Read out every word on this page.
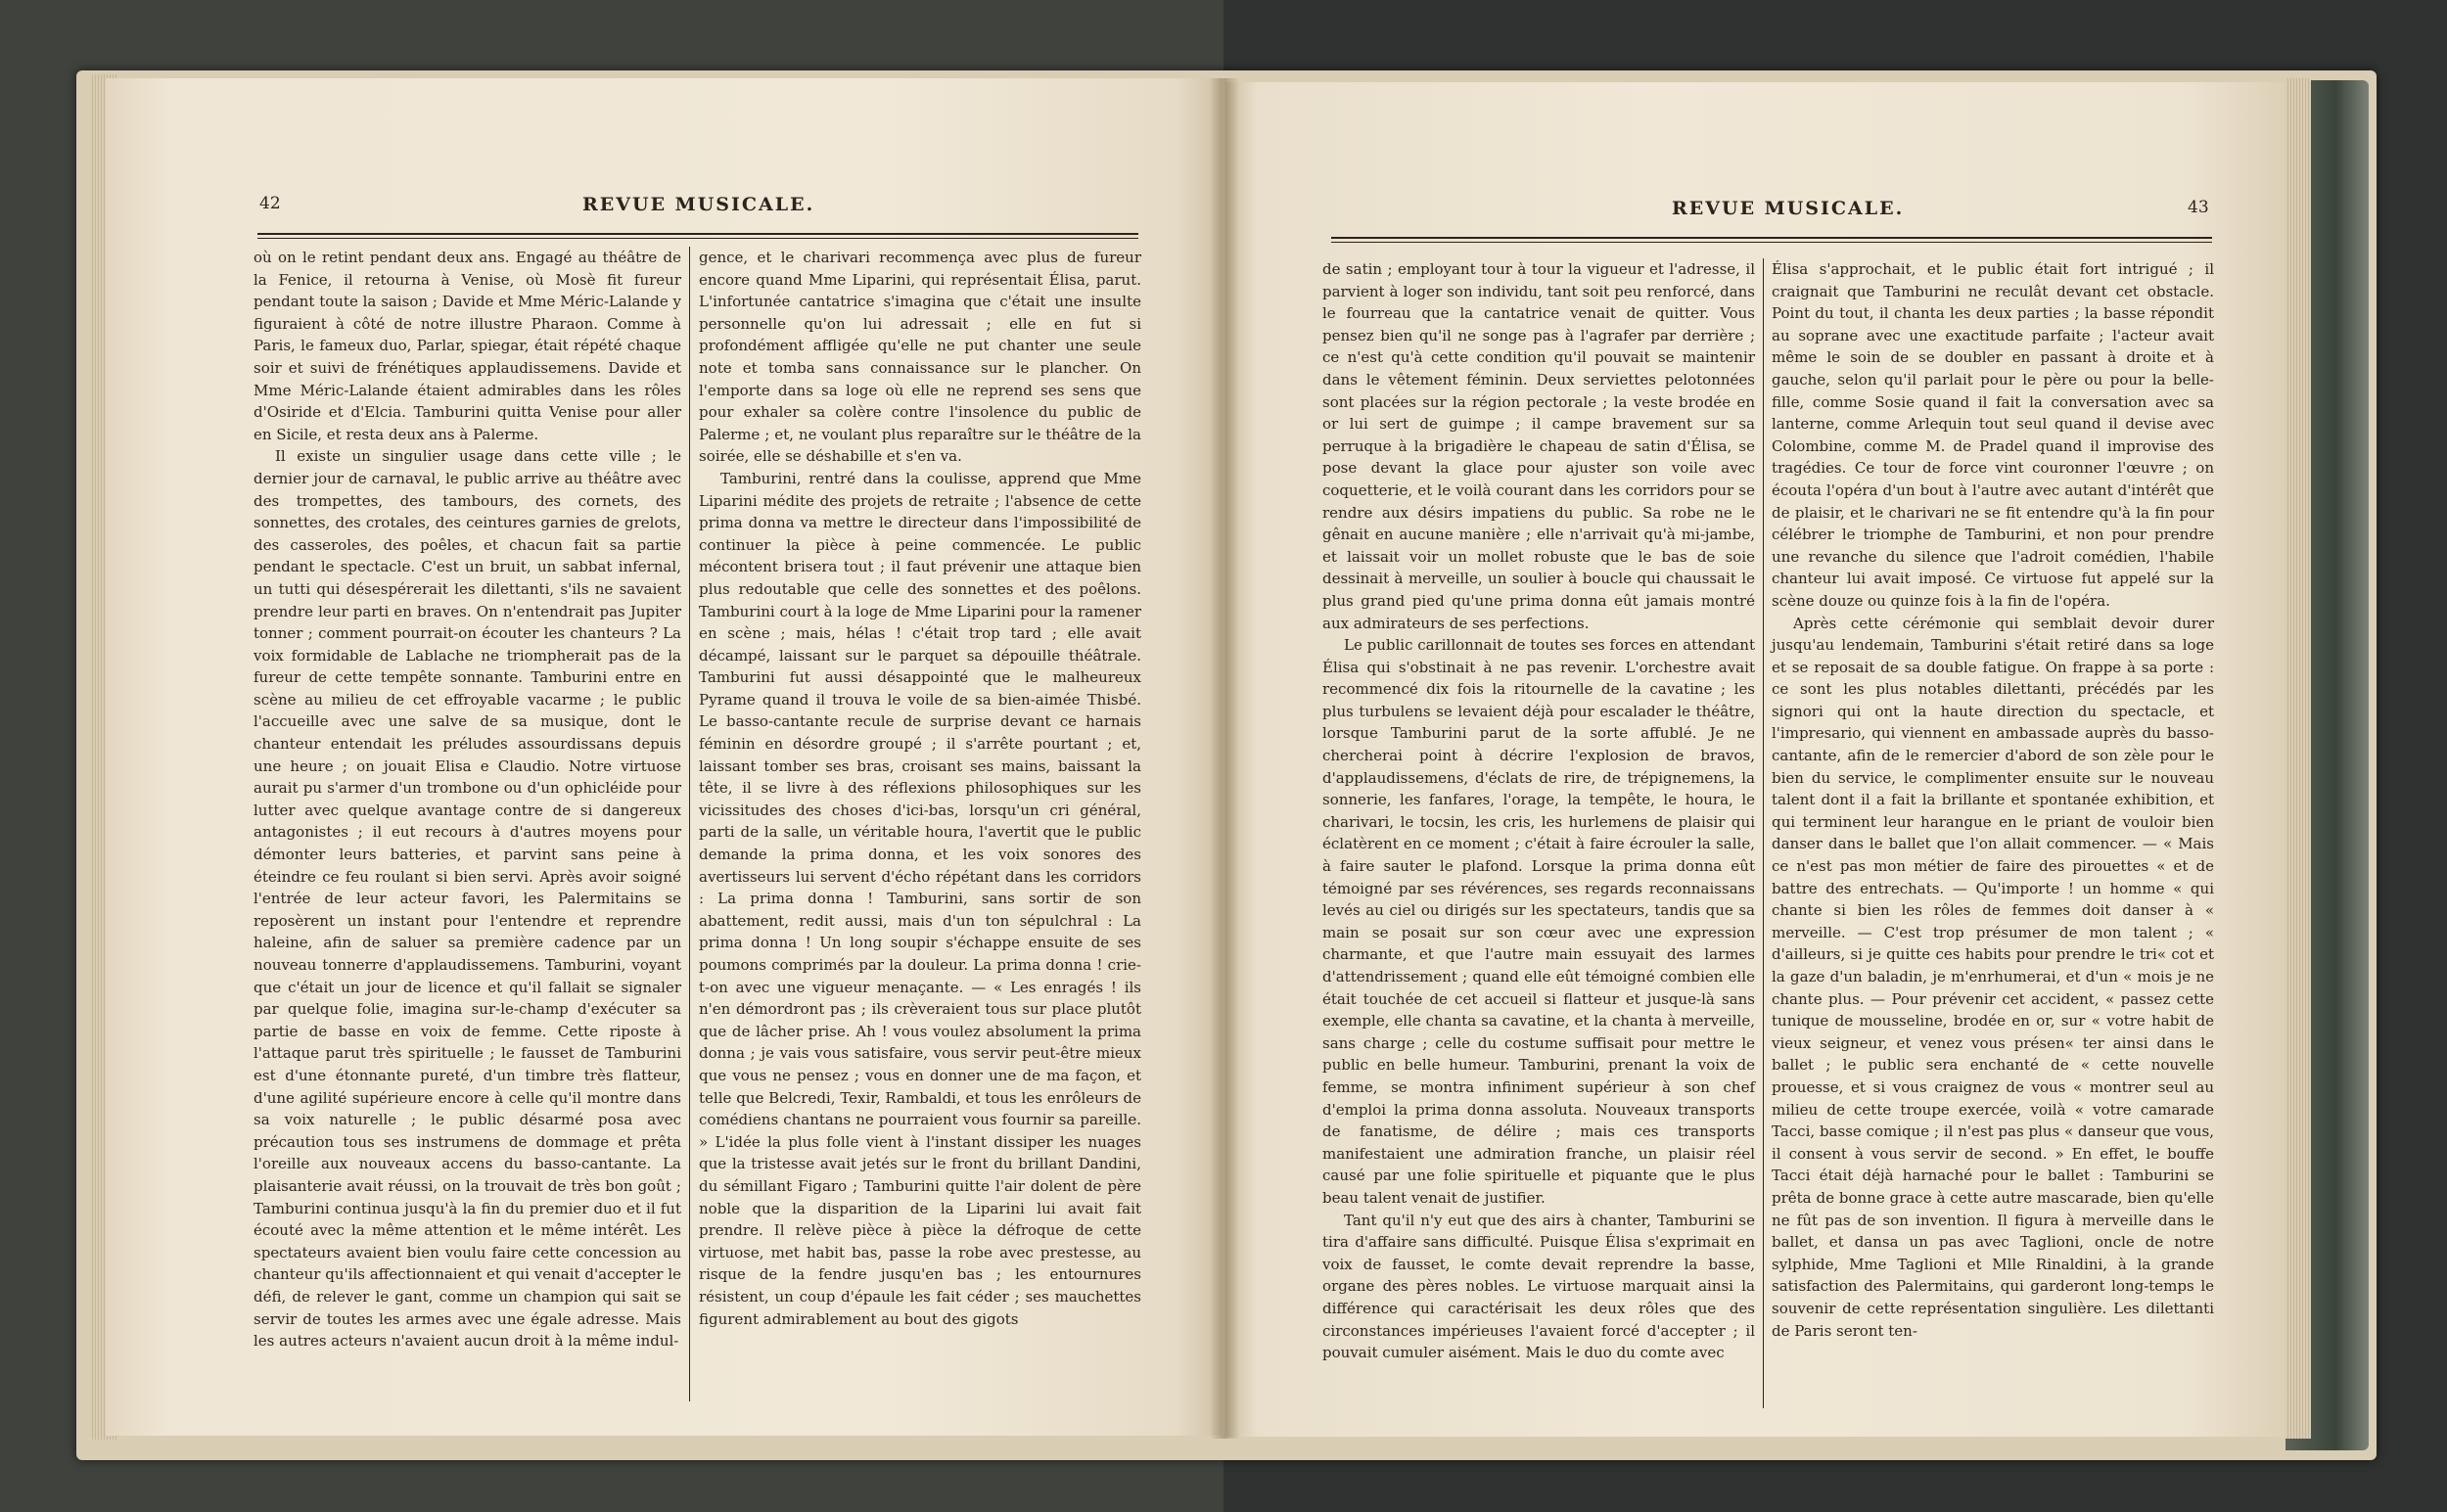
42	REVUE MUSICALE.

où on le retint pendant deux ans. Engagé au théâtre de la Fenice, il retourna à Venise, où Mosè fit fureur pendant toute la saison ; Davide et Mme Méric-Lalande y figuraient à côté de notre illustre Pharaon. Comme à Paris, le fameux duo, Parlar, spiegar, était répété chaque soir et suivi de frénétiques applaudissemens. Davide et Mme Méric-Lalande étaient admirables dans les rôles d'Osiride et d'Elcia. Tamburini quitta Venise pour aller en Sicile, et resta deux ans à Palerme.

Il existe un singulier usage dans cette ville ; le dernier jour de carnaval, le public arrive au théâtre avec des trompettes, des tambours, des cornets, des sonnettes, des crotales, des ceintures garnies de grelots, des casseroles, des poêles, et chacun fait sa partie pendant le spectacle. C'est un bruit, un sabbat infernal, un tutti qui désespérerait les dilettanti, s'ils ne savaient prendre leur parti en braves. On n'entendrait pas Jupiter tonner ; comment pourrait-on écouter les chanteurs ? La voix formidable de Lablache ne triompherait pas de la fureur de cette tempête sonnante. Tamburini entre en scène au milieu de cet effroyable vacarme ; le public l'accueille avec une salve de sa musique, dont le chanteur entendait les préludes assourdissans depuis une heure ; on jouait Elisa e Claudio. Notre virtuose aurait pu s'armer d'un trombone ou d'un ophicléide pour lutter avec quelque avantage contre de si dangereux antagonistes ; il eut recours à d'autres moyens pour démonter leurs batteries, et parvint sans peine à éteindre ce feu roulant si bien servi. Après avoir soigné l'entrée de leur acteur favori, les Palermitains se reposèrent un instant pour l'entendre et reprendre haleine, afin de saluer sa première cadence par un nouveau tonnerre d'applaudissemens. Tamburini, voyant que c'était un jour de licence et qu'il fallait se signaler par quelque folie, imagina sur-le-champ d'exécuter sa partie de basse en voix de femme. Cette riposte à l'attaque parut très spirituelle ; le fausset de Tamburini est d'une étonnante pureté, d'un timbre très flatteur, d'une agilité supérieure encore à celle qu'il montre dans sa voix naturelle ; le public désarmé posa avec précaution tous ses instrumens de dommage et prêta l'oreille aux nouveaux accens du basso-cantante. La plaisanterie avait réussi, on la trouvait de très bon goût ; Tamburini continua jusqu'à la fin du premier duo et il fut écouté avec la même attention et le même intérêt. Les spectateurs avaient bien voulu faire cette concession au chanteur qu'ils affectionnaient et qui venait d'accepter le défi, de relever le gant, comme un champion qui sait se servir de toutes les armes avec une égale adresse. Mais les autres acteurs n'avaient aucun droit à la même indul-

gence, et le charivari recommença avec plus de fureur encore quand Mme Liparini, qui représentait Élisa, parut. L'infortunée cantatrice s'imagina que c'était une insulte personnelle qu'on lui adressait ; elle en fut si profondément affligée qu'elle ne put chanter une seule note et tomba sans connaissance sur le plancher. On l'emporte dans sa loge où elle ne reprend ses sens que pour exhaler sa colère contre l'insolence du public de Palerme ; et, ne voulant plus reparaître sur le théâtre de la soirée, elle se déshabille et s'en va.

Tamburini, rentré dans la coulisse, apprend que Mme Liparini médite des projets de retraite ; l'absence de cette prima donna va mettre le directeur dans l'impossibilité de continuer la pièce à peine commencée. Le public mécontent brisera tout ; il faut prévenir une attaque bien plus redoutable que celle des sonnettes et des poêlons. Tamburini court à la loge de Mme Liparini pour la ramener en scène ; mais, hélas ! c'était trop tard ; elle avait décampé, laissant sur le parquet sa dépouille théâtrale. Tamburini fut aussi désappointé que le malheureux Pyrame quand il trouva le voile de sa bien-aimée Thisbé. Le basso-cantante recule de surprise devant ce harnais féminin en désordre groupé ; il s'arrête pourtant ; et, laissant tomber ses bras, croisant ses mains, baissant la tête, il se livre à des réflexions philosophiques sur les vicissitudes des choses d'ici-bas, lorsqu'un cri général, parti de la salle, un véritable houra, l'avertit que le public demande la prima donna, et les voix sonores des avertisseurs lui servent d'écho répétant dans les corridors : La prima donna ! Tamburini, sans sortir de son abattement, redit aussi, mais d'un ton sépulchral : La prima donna ! Un long soupir s'échappe ensuite de ses poumons comprimés par la douleur. La prima donna ! crie-t-on avec une vigueur menaçante. — « Les enragés ! ils n'en démordront pas ; ils crèveraient tous sur place plutôt que de lâcher prise. Ah ! vous voulez absolument la prima donna ; je vais vous satisfaire, vous servir peut-être mieux que vous ne pensez ; vous en donner une de ma façon, et telle que Belcredi, Texir, Rambaldi, et tous les enrôleurs de comédiens chantans ne pourraient vous fournir sa pareille. » L'idée la plus folle vient à l'instant dissiper les nuages que la tristesse avait jetés sur le front du brillant Dandini, du sémillant Figaro ; Tamburini quitte l'air dolent de père noble que la disparition de la Liparini lui avait fait prendre. Il relève pièce à pièce la défroque de cette virtuose, met habit bas, passe la robe avec prestesse, au risque de la fendre jusqu'en bas ; les entournures résistent, un coup d'épaule les fait céder ; ses mauchettes figurent admirablement au bout des gigots

REVUE MUSICALE.	43

de satin ; employant tour à tour la vigueur et l'adresse, il parvient à loger son individu, tant soit peu renforcé, dans le fourreau que la cantatrice venait de quitter. Vous pensez bien qu'il ne songe pas à l'agrafer par derrière ; ce n'est qu'à cette condition qu'il pouvait se maintenir dans le vêtement féminin. Deux serviettes pelotonnées sont placées sur la région pectorale ; la veste brodée en or lui sert de guimpe ; il campe bravement sur sa perruque à la brigadière le chapeau de satin d'Élisa, se pose devant la glace pour ajuster son voile avec coquetterie, et le voilà courant dans les corridors pour se rendre aux désirs impatiens du public. Sa robe ne le gênait en aucune manière ; elle n'arrivait qu'à mi-jambe, et laissait voir un mollet robuste que le bas de soie dessinait à merveille, un soulier à boucle qui chaussait le plus grand pied qu'une prima donna eût jamais montré aux admirateurs de ses perfections.

Le public carillonnait de toutes ses forces en attendant Élisa qui s'obstinait à ne pas revenir. L'orchestre avait recommencé dix fois la ritournelle de la cavatine ; les plus turbulens se levaient déjà pour escalader le théâtre, lorsque Tamburini parut de la sorte affublé. Je ne chercherai point à décrire l'explosion de bravos, d'applaudissemens, d'éclats de rire, de trépignemens, la sonnerie, les fanfares, l'orage, la tempête, le houra, le charivari, le tocsin, les cris, les hurlemens de plaisir qui éclatèrent en ce moment ; c'était à faire écrouler la salle, à faire sauter le plafond. Lorsque la prima donna eût témoigné par ses révérences, ses regards reconnaissans levés au ciel ou dirigés sur les spectateurs, tandis que sa main se posait sur son cœur avec une expression charmante, et que l'autre main essuyait des larmes d'attendrissement ; quand elle eût témoigné combien elle était touchée de cet accueil si flatteur et jusque-là sans exemple, elle chanta sa cavatine, et la chanta à merveille, sans charge ; celle du costume suffisait pour mettre le public en belle humeur. Tamburini, prenant la voix de femme, se montra infiniment supérieur à son chef d'emploi la prima donna assoluta. Nouveaux transports de fanatisme, de délire ; mais ces transports manifestaient une admiration franche, un plaisir réel causé par une folie spirituelle et piquante que le plus beau talent venait de justifier.

Tant qu'il n'y eut que des airs à chanter, Tamburini se tira d'affaire sans difficulté. Puisque Élisa s'exprimait en voix de fausset, le comte devait reprendre la basse, organe des pères nobles. Le virtuose marquait ainsi la différence qui caractérisait les deux rôles que des circonstances impérieuses l'avaient forcé d'accepter ; il pouvait cumuler aisément. Mais le duo du comte avec

Élisa s'approchait, et le public était fort intrigué ; il craignait que Tamburini ne reculât devant cet obstacle. Point du tout, il chanta les deux parties ; la basse répondit au soprane avec une exactitude parfaite ; l'acteur avait même le soin de se doubler en passant à droite et à gauche, selon qu'il parlait pour le père ou pour la belle-fille, comme Sosie quand il fait la conversation avec sa lanterne, comme Arlequin tout seul quand il devise avec Colombine, comme M. de Pradel quand il improvise des tragédies. Ce tour de force vint couronner l'œuvre ; on écouta l'opéra d'un bout à l'autre avec autant d'intérêt que de plaisir, et le charivari ne se fit entendre qu'à la fin pour célébrer le triomphe de Tamburini, et non pour prendre une revanche du silence que l'adroit comédien, l'habile chanteur lui avait imposé. Ce virtuose fut appelé sur la scène douze ou quinze fois à la fin de l'opéra.

Après cette cérémonie qui semblait devoir durer jusqu'au lendemain, Tamburini s'était retiré dans sa loge et se reposait de sa double fatigue. On frappe à sa porte : ce sont les plus notables dilettanti, précédés par les signori qui ont la haute direction du spectacle, et l'impresario, qui viennent en ambassade auprès du basso-cantante, afin de le remercier d'abord de son zèle pour le bien du service, le complimenter ensuite sur le nouveau talent dont il a fait la brillante et spontanée exhibition, et qui terminent leur harangue en le priant de vouloir bien danser dans le ballet que l'on allait commencer. — « Mais ce n'est pas mon métier de faire des pirouettes « et de battre des entrechats. — Qu'importe ! un homme « qui chante si bien les rôles de femmes doit danser à « merveille. — C'est trop présumer de mon talent ; « d'ailleurs, si je quitte ces habits pour prendre le tri« cot et la gaze d'un baladin, je m'enrhumerai, et d'un « mois je ne chante plus. — Pour prévenir cet accident, « passez cette tunique de mousseline, brodée en or, sur « votre habit de vieux seigneur, et venez vous présen« ter ainsi dans le ballet ; le public sera enchanté de « cette nouvelle prouesse, et si vous craignez de vous « montrer seul au milieu de cette troupe exercée, voilà « votre camarade Tacci, basse comique ; il n'est pas plus « danseur que vous, il consent à vous servir de second. » En effet, le bouffe Tacci était déjà harnaché pour le ballet : Tamburini se prêta de bonne grace à cette autre mascarade, bien qu'elle ne fût pas de son invention. Il figura à merveille dans le ballet, et dansa un pas avec Taglioni, oncle de notre sylphide, Mme Taglioni et Mlle Rinaldini, à la grande satisfaction des Palermitains, qui garderont long-temps le souvenir de cette représentation singulière. Les dilettanti de Paris seront ten-
